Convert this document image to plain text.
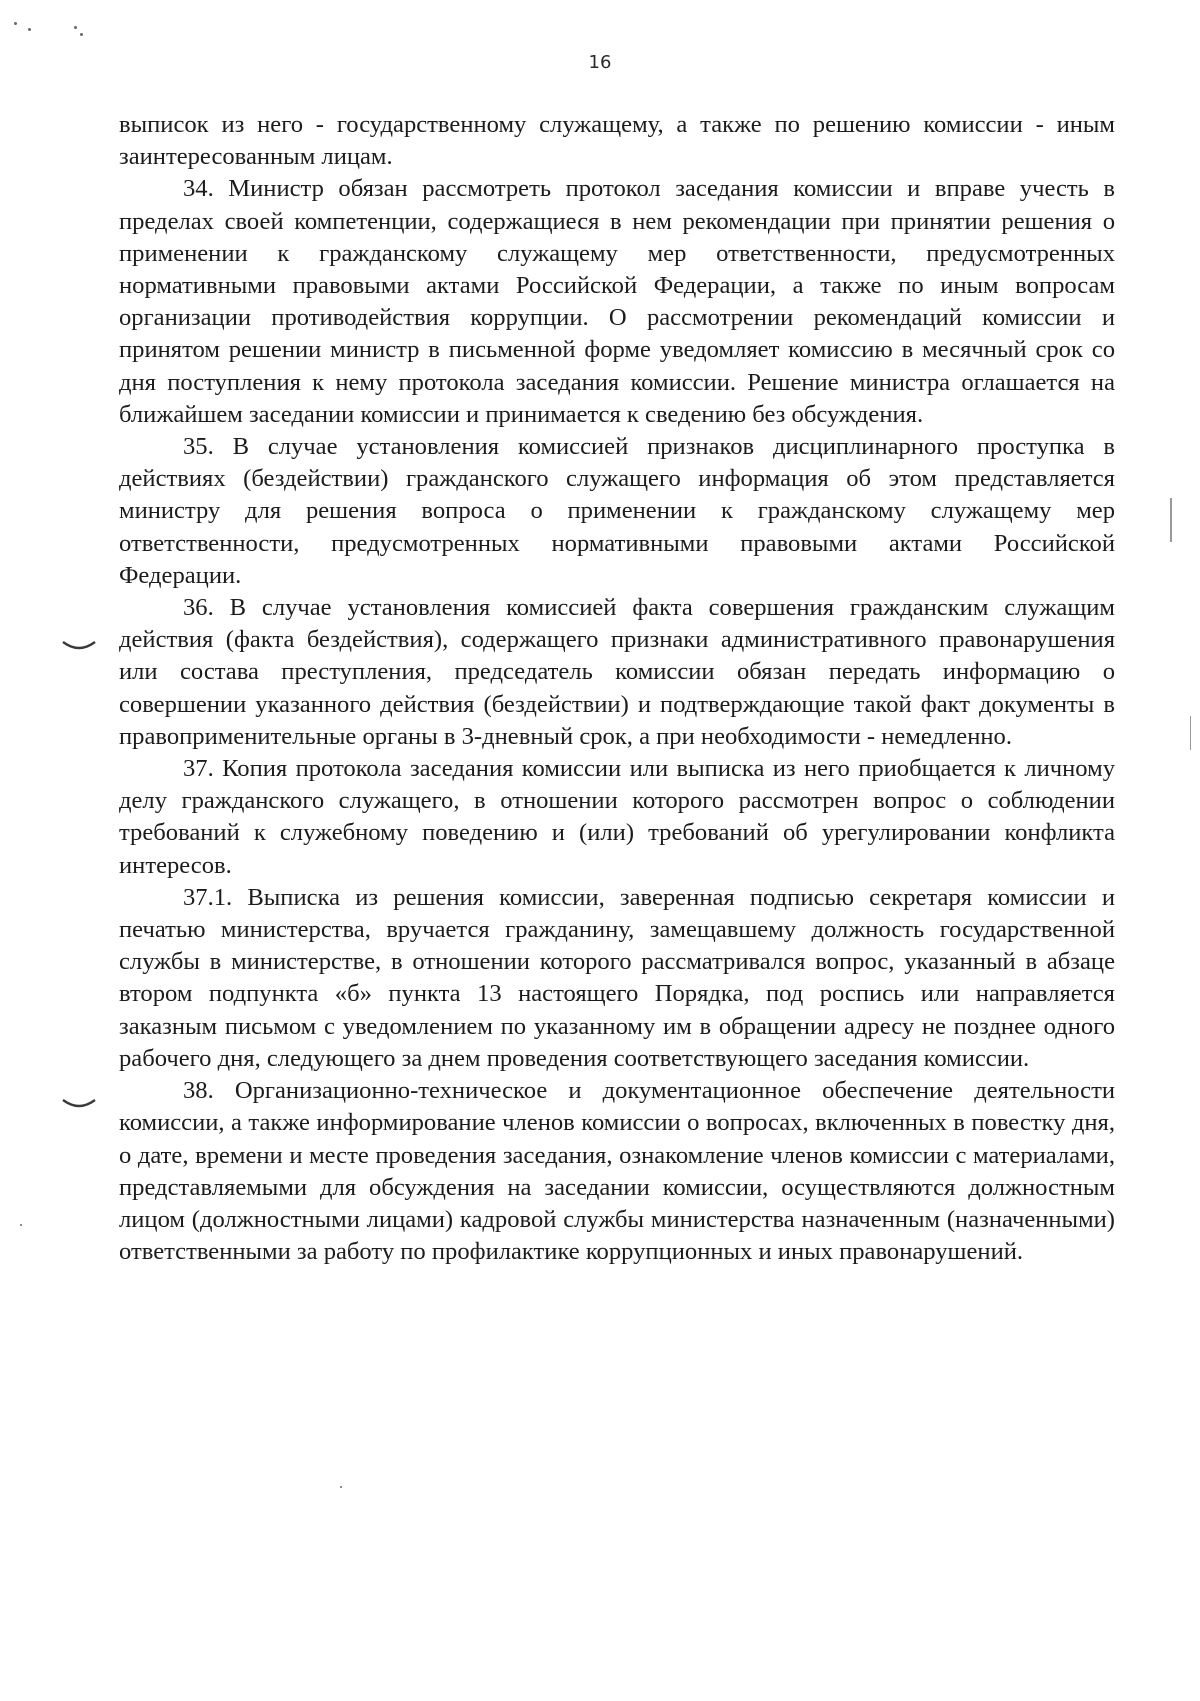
16

выписок из него - государственному служащему, а также по решению комиссии - иным заинтересованным лицам.

34. Министр обязан рассмотреть протокол заседания комиссии и вправе учесть в пределах своей компетенции, содержащиеся в нем рекомендации при принятии решения о применении к гражданскому служащему мер ответственности, предусмотренных нормативными правовыми актами Российской Федерации, а также по иным вопросам организации противодействия коррупции. О рассмотрении рекомендаций комиссии и принятом решении министр в письменной форме уведомляет комиссию в месячный срок со дня поступления к нему протокола заседания комиссии. Решение министра оглашается на ближайшем заседании комиссии и принимается к сведению без обсуждения.

35. В случае установления комиссией признаков дисциплинарного проступка в действиях (бездействии) гражданского служащего информация об этом представляется министру для решения вопроса о применении к гражданскому служащему мер ответственности, предусмотренных нормативными правовыми актами Российской Федерации.

36. В случае установления комиссией факта совершения гражданским служащим действия (факта бездействия), содержащего признаки административного правонарушения или состава преступления, председатель комиссии обязан передать информацию о совершении указанного действия (бездействии) и подтверждающие такой факт документы в правоприменительные органы в 3-дневный срок, а при необходимости - немедленно.

37. Копия протокола заседания комиссии или выписка из него приобщается к личному делу гражданского служащего, в отношении которого рассмотрен вопрос о соблюдении требований к служебному поведению и (или) требований об урегулировании конфликта интересов.

37.1. Выписка из решения комиссии, заверенная подписью секретаря комиссии и печатью министерства, вручается гражданину, замещавшему должность государственной службы в министерстве, в отношении которого рассматривался вопрос, указанный в абзаце втором подпункта «б» пункта 13 настоящего Порядка, под роспись или направляется заказным письмом с уведомлением по указанному им в обращении адресу не позднее одного рабочего дня, следующего за днем проведения соответствующего заседания комиссии.

38. Организационно-техническое и документационное обеспечение деятельности комиссии, а также информирование членов комиссии о вопросах, включенных в повестку дня, о дате, времени и месте проведения заседания, ознакомление членов комиссии с материалами, представляемыми для обсуждения на заседании комиссии, осуществляются должностным лицом (должностными лицами) кадровой службы министерства назначенным (назначенными) ответственными за работу по профилактике коррупционных и иных правонарушений.
